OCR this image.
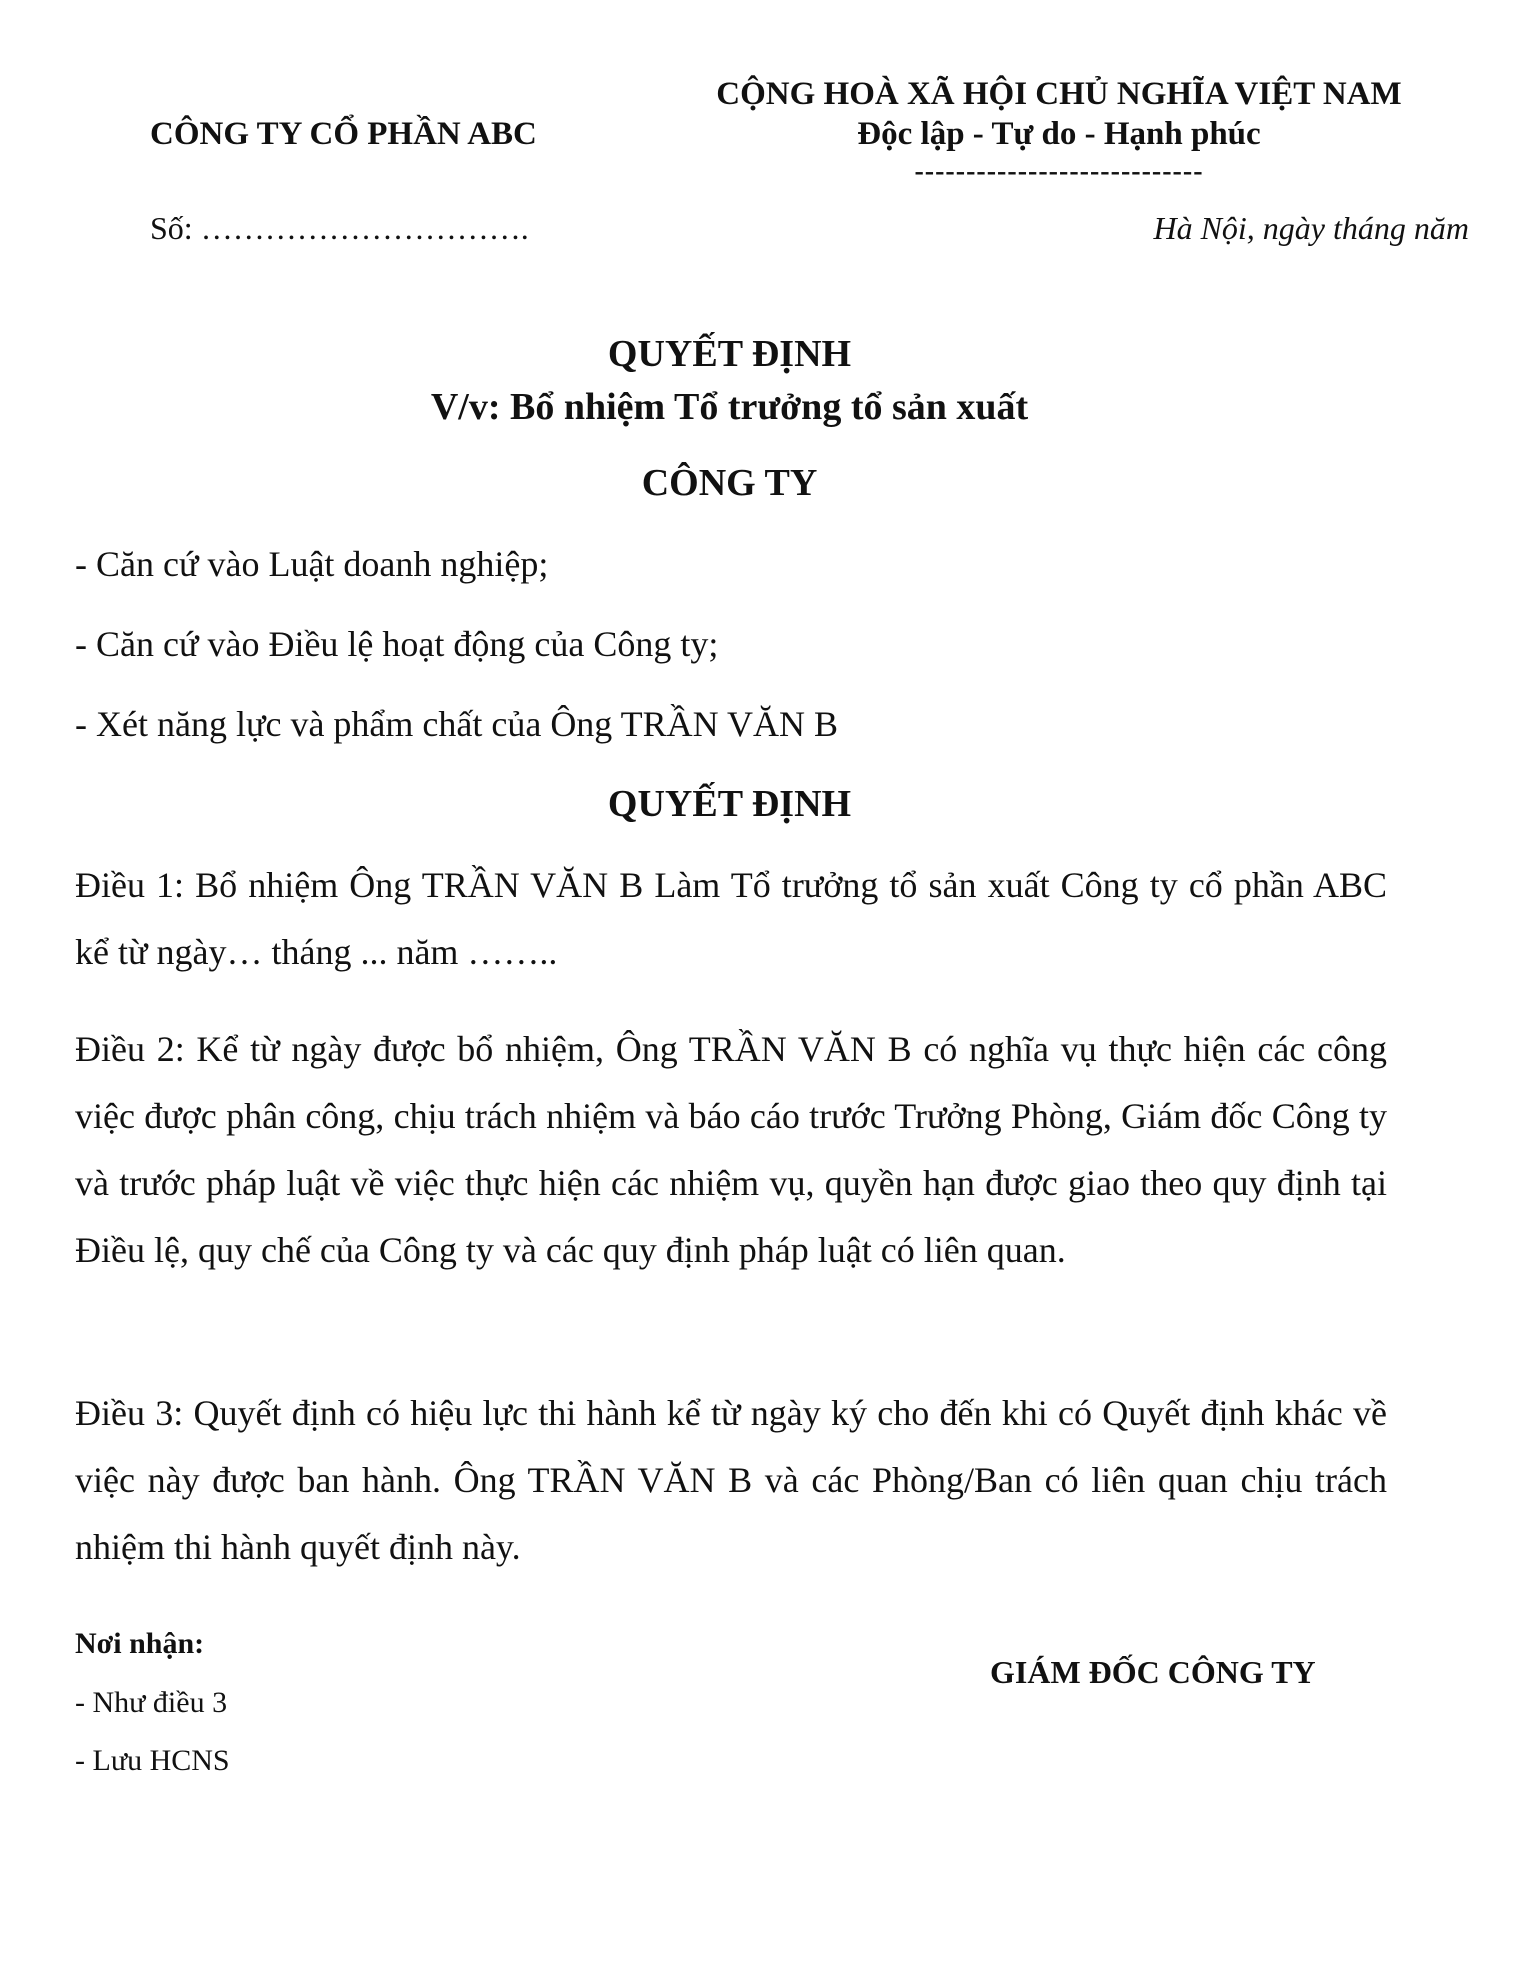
CÔNG TY CỔ PHẦN ABC
CỘNG HOÀ XÃ HỘI CHỦ NGHĨA VIỆT NAM
Độc lập - Tự do - Hạnh phúc
----------------------------
Số: ………………………….	Hà Nội, ngày tháng năm
QUYẾT ĐỊNH
V/v: Bổ nhiệm Tổ trưởng tổ sản xuất
CÔNG TY
- Căn cứ vào Luật doanh nghiệp;
- Căn cứ vào Điều lệ hoạt động của Công ty;
- Xét năng lực và phẩm chất của Ông TRẦN VĂN B
QUYẾT ĐỊNH
Điều 1: Bổ nhiệm Ông TRẦN VĂN B Làm Tổ trưởng tổ sản xuất Công ty cổ phần ABC kể từ ngày… tháng ... năm ……..
Điều 2: Kể từ ngày được bổ nhiệm, Ông TRẦN VĂN B có nghĩa vụ thực hiện các công việc được phân công, chịu trách nhiệm và báo cáo trước Trưởng Phòng, Giám đốc Công ty và trước pháp luật về việc thực hiện các nhiệm vụ, quyền hạn được giao theo quy định tại Điều lệ, quy chế của Công ty và các quy định pháp luật có liên quan.
Điều 3: Quyết định có hiệu lực thi hành kể từ ngày ký cho đến khi có Quyết định khác về việc này được ban hành. Ông TRẦN VĂN B và các Phòng/Ban có liên quan chịu trách nhiệm thi hành quyết định này.
Nơi nhận:
- Như điều 3
- Lưu HCNS
GIÁM ĐỐC CÔNG TY
